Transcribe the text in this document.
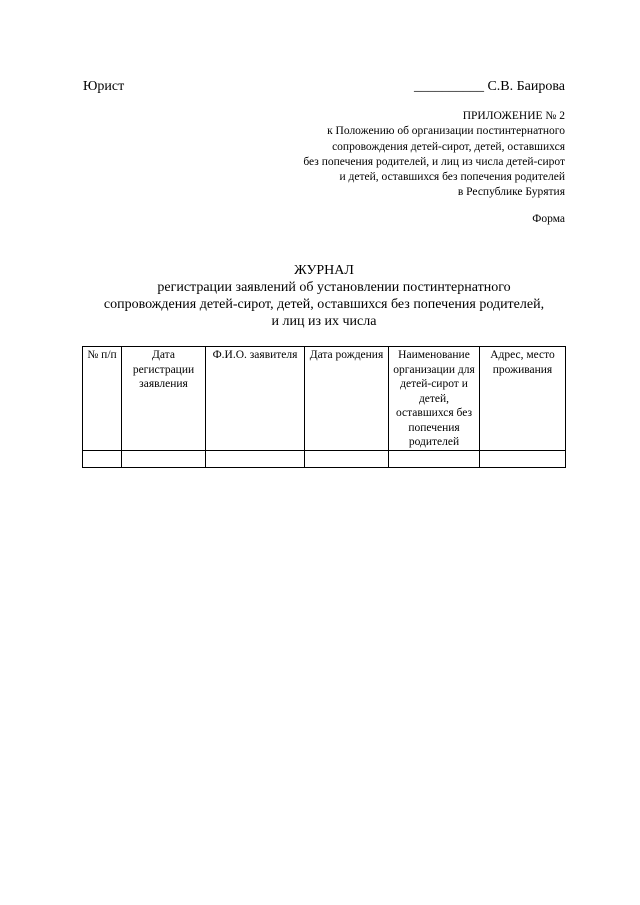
Юрист	__________ С.В. Баирова
ПРИЛОЖЕНИЕ № 2
к Положению об организации постинтернатного
сопровождения детей-сирот, детей, оставшихся
без попечения родителей, и лиц из числа детей-сирот
и детей, оставшихся без попечения родителей
в Республике Бурятия
Форма
ЖУРНАЛ
регистрации заявлений об установлении постинтернатного
сопровождения детей-сирот, детей, оставшихся без попечения родителей,
и лиц из их числа
№ п/п	Дата регистрации заявления	Ф.И.О. заявителя	Дата рождения	Наименование организации для детей-сирот и детей, оставшихся без попечения родителей	Адрес, место проживания
